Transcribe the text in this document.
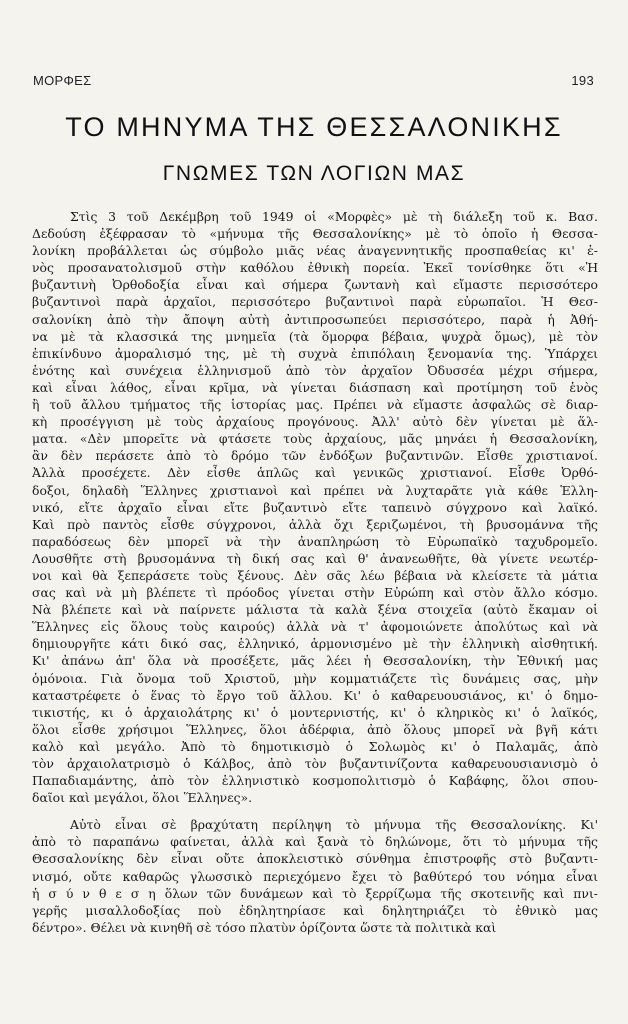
ΜΟΡΦΕΣ	193
ΤΟ ΜΗΝΥΜΑ ΤΗΣ ΘΕΣΣΑΛΟΝΙΚΗΣ
ΓΝΩΜΕΣ ΤΩΝ ΛΟΓΙΩΝ ΜΑΣ
Στὶς 3 τοῦ Δεκέμβρη τοῦ 1949 οἱ «Μορφὲς» μὲ τὴ διάλεξη τοῦ κ. Βασ.
Δεδούση ἐξέφρασαν τὸ «μήνυμα τῆς Θεσσαλονίκης» μὲ τὸ ὁποῖο ἡ Θεσσα-
λονίκη προβάλλεται ὡς σύμβολο μιᾶς νέας ἀναγεννητικῆς προσπαθείας κι' ἑ-
νὸς προσανατολισμοῦ στὴν καθόλου ἐθνικὴ πορεία. Ἐκεῖ τονίσθηκε ὅτι «Ἡ
βυζαντινὴ Ὀρθοδοξία εἶναι καὶ σήμερα ζωντανὴ καὶ εἴμαστε περισσότερο
βυζαντινοὶ παρὰ ἀρχαῖοι, περισσότερο βυζαντινοὶ παρὰ εὐρωπαῖοι. Ἡ Θεσ-
σαλονίκη ἀπὸ τὴν ἄποψη αὐτὴ ἀντιπροσωπεύει περισσότερο, παρὰ ἡ Ἀθή-
να μὲ τὰ κλασσικά της μνημεῖα (τὰ ὅμορφα βέβαια, ψυχρὰ ὅμως), μὲ τὸν
ἐπικίνδυνο ἀμοραλισμό της, μὲ τὴ συχνὰ ἐπιπόλαιη ξενομανία της. Ὑπάρχει
ἑνότης καὶ συνέχεια ἑλληνισμοῦ ἀπὸ τὸν ἀρχαῖον Ὀδυσσέα μέχρι σήμερα,
καὶ εἶναι λάθος, εἶναι κρῖμα, νὰ γίνεται διάσπαση καὶ προτίμηση τοῦ ἑνὸς
ἢ τοῦ ἄλλου τμήματος τῆς ἱστορίας μας. Πρέπει νὰ εἴμαστε ἀσφαλῶς σὲ διαρ-
κὴ προσέγγιση μὲ τοὺς ἀρχαίους προγόνους. Ἀλλ' αὐτὸ δὲν γίνεται μὲ ἅλ-
ματα. «Δὲν μπορεῖτε νὰ φτάσετε τοὺς ἀρχαίους, μᾶς μηνάει ἡ Θεσσαλονίκη,
ἂν δὲν περάσετε ἀπὸ τὸ δρόμο τῶν ἐνδόξων βυζαντινῶν. Εἶσθε χριστιανοί.
Ἀλλὰ προσέχετε. Δὲν εἶσθε ἁπλῶς καὶ γενικῶς χριστιανοί. Εἶσθε Ὀρθό-
δοξοι, δηλαδὴ Ἕλληνες χριστιανοὶ καὶ πρέπει νὰ λυχταρᾶτε γιὰ κάθε Ἑλλη-
νικό, εἴτε ἀρχαῖο εἶναι εἴτε βυζαντινὸ εἴτε ταπεινὸ σύγχρονο καὶ λαϊκό.
Καὶ πρὸ παντὸς εἶσθε σύγχρονοι, ἀλλὰ ὄχι ξεριζωμένοι, τὴ βρυσομάννα τῆς
παραδόσεως δὲν μπορεῖ νὰ τὴν ἀναπληρώση τὸ Εὐρωπαϊκὸ ταχυδρομεῖο.
Λουσθῆτε στὴ βρυσομάννα τὴ δική σας καὶ θ' ἀνανεωθῆτε, θὰ γίνετε νεωτέρ-
νοι καὶ θὰ ξεπεράσετε τοὺς ξένους. Δὲν σᾶς λέω βέβαια νὰ κλείσετε τὰ μάτια
σας καὶ νὰ μὴ βλέπετε τὶ πρόοδος γίνεται στὴν Εὐρώπη καὶ στὸν ἄλλο κόσμο.
Νὰ βλέπετε καὶ νὰ παίρνετε μάλιστα τὰ καλὰ ξένα στοιχεῖα (αὐτὸ ἔκαμαν οἱ
Ἕλληνες εἰς ὅλους τοὺς καιρούς) ἀλλὰ νὰ τ' ἀφομοιώνετε ἀπολύτως καὶ νὰ
δημιουργῆτε κάτι δικό σας, ἑλληνικό, ἁρμονισμένο μὲ τὴν ἑλληνικὴ αἰσθητική.
Κι' ἀπάνω ἀπ' ὅλα νὰ προσέξετε, μᾶς λέει ἡ Θεσσαλονίκη, τὴν Ἐθνική μας
ὁμόνοια. Γιὰ ὄνομα τοῦ Χριστοῦ, μὴν κομματιάζετε τὶς δυνάμεις σας, μὴν
καταστρέφετε ὁ ἕνας τὸ ἔργο τοῦ ἄλλου. Κι' ὁ καθαρευουσιάνος, κι' ὁ δημο-
τικιστής, κι ὁ ἀρχαιολάτρης κι' ὁ μοντερνιστής, κι' ὁ κληρικὸς κι' ὁ λαϊκός,
ὅλοι εἶσθε χρήσιμοι Ἕλληνες, ὅλοι ἀδέρφια, ἀπὸ ὅλους μπορεῖ νὰ βγῆ κάτι
καλὸ καὶ μεγάλο. Ἀπὸ τὸ δημοτικισμὸ ὁ Σολωμὸς κι' ὁ Παλαμᾶς, ἀπὸ
τὸν ἀρχαιολατρισμὸ ὁ Κάλβος, ἀπὸ τὸν βυζαντινίζοντα καθαρευουσιανισμὸ ὁ
Παπαδιαμάντης, ἀπὸ τὸν ἑλληνιστικὸ κοσμοπολιτισμὸ ὁ Καβάφης, ὅλοι σπου-
δαῖοι καὶ μεγάλοι, ὅλοι Ἕλληνες».
Αὐτὸ εἶναι σὲ βραχύτατη περίληψη τὸ μήνυμα τῆς Θεσσαλονίκης. Κι'
ἀπὸ τὸ παραπάνω φαίνεται, ἀλλὰ καὶ ξανὰ τὸ δηλώνομε, ὅτι τὸ μήνυμα τῆς
Θεσσαλονίκης δὲν εἶναι οὔτε ἀποκλειστικὸ σύνθημα ἐπιστροφῆς στὸ βυζαντι-
νισμό, οὔτε καθαρῶς γλωσσικὸ περιεχόμενο ἔχει τὸ βαθύτερό του νόημα εἶναι
ἡ σ ύ ν θ ε σ η ὅλων τῶν δυνάμεων καὶ τὸ ξερρίζωμα τῆς σκοτεινῆς καὶ πνι-
γερῆς μισαλλοδοξίας ποὺ ἐδηλητηρίασε καὶ δηλητηριάζει τὸ ἐθνικὸ μας
δέντρο». Θέλει νὰ κινηθῆ σὲ τόσο πλατὺν ὁρίζοντα ὥστε τὰ πολιτικὰ καὶ
